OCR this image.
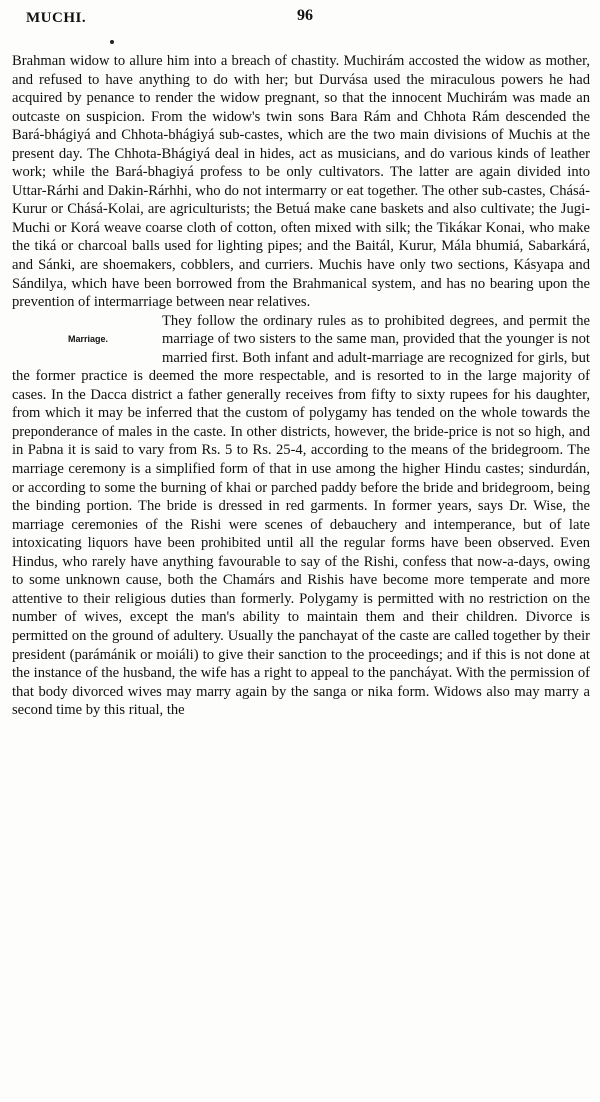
MUCHI.	96

Brahman widow to allure him into a breach of chastity. Muchirám accosted the widow as mother, and refused to have anything to do with her; but Durvása used the miraculous powers he had acquired by penance to render the widow pregnant, so that the innocent Muchirám was made an outcaste on suspicion. From the widow's twin sons Bara Rám and Chhota Rám descended the Bará-bhágiyá and Chhota-bhágiyá sub-castes, which are the two main divisions of Muchis at the present day. The Chhota-Bhágiyá deal in hides, act as musicians, and do various kinds of leather work; while the Bará-bhagiyá profess to be only cultivators. The latter are again divided into Uttar-Rárhi and Dakin-Rárhhi, who do not intermarry or eat together. The other sub-castes, Chásá-Kurur or Chásá-Kolai, are agriculturists; the Betuá make cane baskets and also cultivate; the Jugi-Muchi or Korá weave coarse cloth of cotton, often mixed with silk; the Tikákar Konai, who make the tiká or charcoal balls used for lighting pipes; and the Baitál, Kurur, Mála bhumiá, Sabarkárá, and Sánki, are shoemakers, cobblers, and curriers. Muchis have only two sections, Kásyapa and Sándilya, which have been borrowed from the Brahmanical system, and has no bearing upon the prevention of intermarriage between near relatives.

Marriage.

They follow the ordinary rules as to prohibited degrees, and permit the marriage of two sisters to the same man, provided that the younger is not married first. Both infant and adult-marriage are recognized for girls, but the former practice is deemed the more respectable, and is resorted to in the large majority of cases. In the Dacca district a father generally receives from fifty to sixty rupees for his daughter, from which it may be inferred that the custom of polygamy has tended on the whole towards the preponderance of males in the caste. In other districts, however, the bride-price is not so high, and in Pabna it is said to vary from Rs. 5 to Rs. 25-4, according to the means of the bridegroom. The marriage ceremony is a simplified form of that in use among the higher Hindu castes; sindurdán, or according to some the burning of khai or parched paddy before the bride and bridegroom, being the binding portion. The bride is dressed in red garments. In former years, says Dr. Wise, the marriage ceremonies of the Rishi were scenes of debauchery and intemperance, but of late intoxicating liquors have been prohibited until all the regular forms have been observed. Even Hindus, who rarely have anything favourable to say of the Rishi, confess that now-a-days, owing to some unknown cause, both the Chamárs and Rishis have become more temperate and more attentive to their religious duties than formerly. Polygamy is permitted with no restriction on the number of wives, except the man's ability to maintain them and their children. Divorce is permitted on the ground of adultery. Usually the panchayat of the caste are called together by their president (parámánik or moiáli) to give their sanction to the proceedings; and if this is not done at the instance of the husband, the wife has a right to appeal to the pancháyat. With the permission of that body divorced wives may marry again by the sanga or nika form. Widows also may marry a second time by this ritual, the
